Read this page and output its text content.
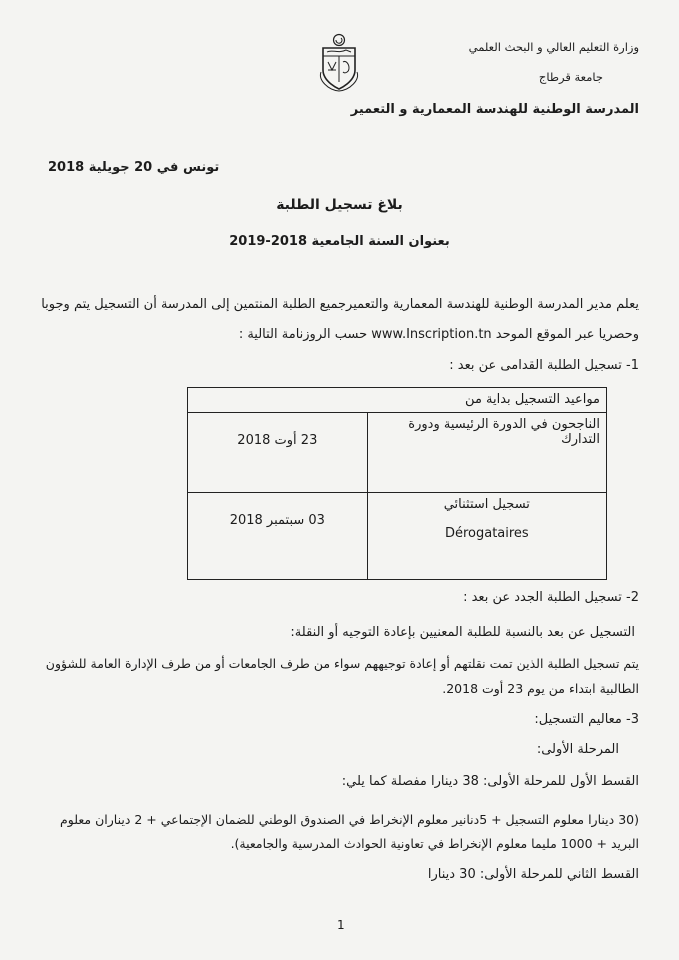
وزارة التعليم العالي و البحث العلمي
جامعة قرطاج
المدرسة الوطنية للهندسة المعمارية و التعمير
تونس في 20 جويلية 2018
بلاغ تسجيل الطلبة
بعنوان السنة الجامعية 2018-2019
يعلم مدير المدرسة الوطنية للهندسة المعمارية والتعميرجميع الطلبة المنتمين إلى المدرسة أن التسجيل يتم وجوبا
وحصريا عبر الموقع الموحد www.Inscription.tn حسب الروزنامة التالية :
1- تسجيل الطلبة القدامى عن بعد :
مواعيد التسجيل بداية من	
23 أوت 2018	الناجحون في الدورة الرئيسية ودورة التدارك

03 سبتمبر 2018	تسجيل استثنائي
Dérogataires
2- تسجيل الطلبة الجدد عن بعد :
التسجيل عن بعد بالنسبة للطلبة المعنيين بإعادة التوجيه أو النقلة:
يتم تسجيل الطلبة الذين تمت نقلتهم أو إعادة توجيههم سواء من طرف الجامعات أو من طرف الإدارة العامة للشؤون
الطالبية ابتداء من يوم 23 أوت 2018.
3- معاليم التسجيل:
المرحلة الأولى:
القسط الأول للمرحلة الأولى: 38 دينارا مفصلة كما يلي:
(30 دينارا معلوم التسجيل + 5دنانير معلوم الإنخراط في الصندوق الوطني للضمان الإجتماعي + 2 ديناران معلوم
البريد + 1000 مليما معلوم الإنخراط في تعاونية الحوادث المدرسية والجامعية).
القسط الثاني للمرحلة الأولى: 30 دينارا
1
